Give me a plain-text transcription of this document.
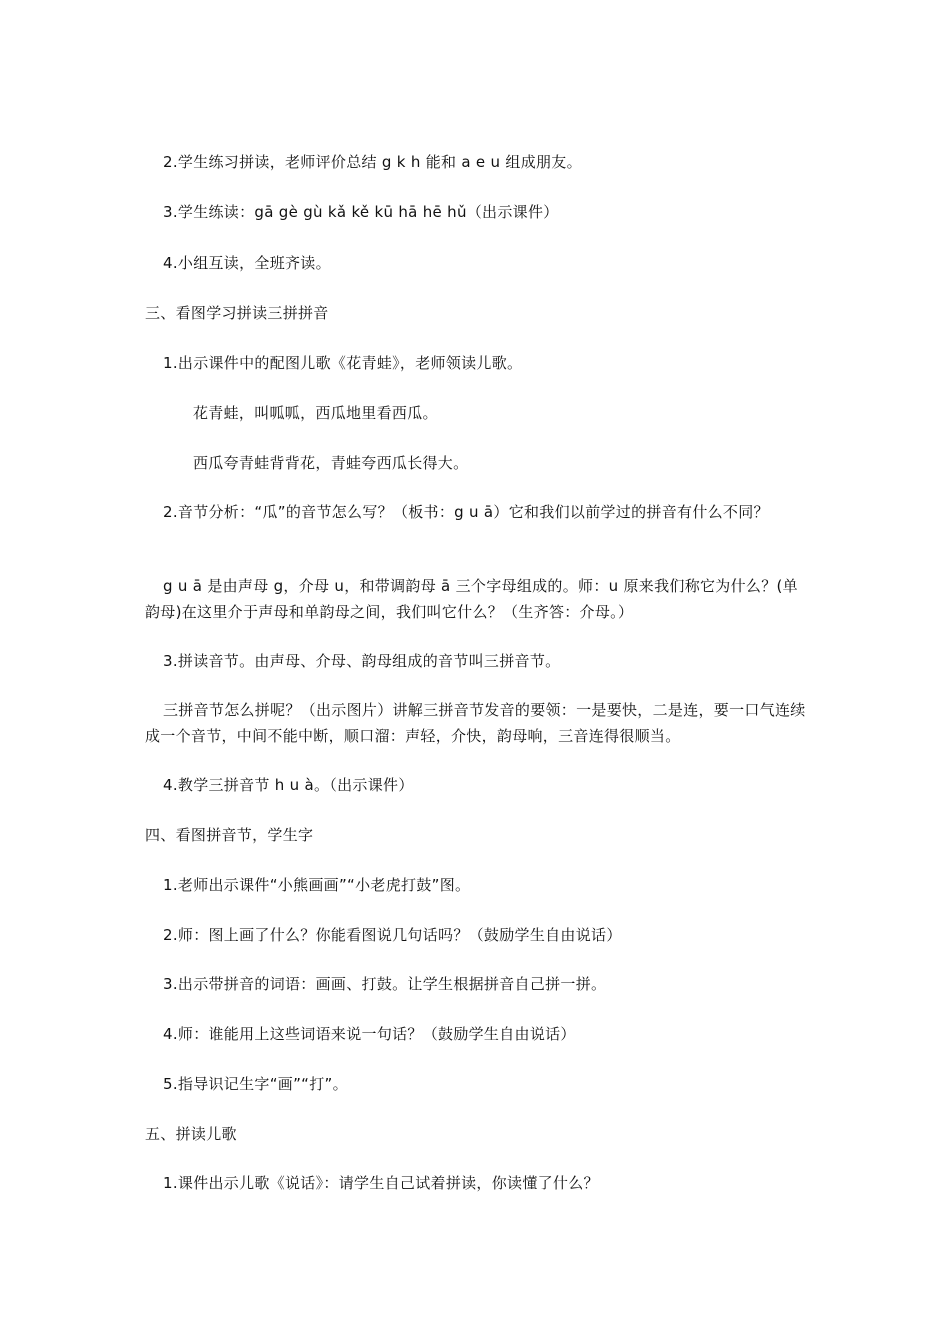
2.学生练习拼读，老师评价总结 g k h 能和 a e u 组成朋友。
3.学生练读：gā gè gù kǎ kě kū hā hē hǔ（出示课件）
4.小组互读，全班齐读。
三、看图学习拼读三拼拼音
1.出示课件中的配图儿歌《花青蛙》，老师领读儿歌。
花青蛙，叫呱呱，西瓜地里看西瓜。
西瓜夸青蛙背背花，青蛙夸西瓜长得大。
2.音节分析：“瓜”的音节怎么写？（板书：g u ā）它和我们以前学过的拼音有什么不同？
g u ā 是由声母 g，介母 u，和带调韵母 ā 三个字母组成的。师：u 原来我们称它为什么？(单韵母)在这里介于声母和单韵母之间，我们叫它什么？（生齐答：介母。）
3.拼读音节。由声母、介母、韵母组成的音节叫三拼音节。
三拼音节怎么拼呢？（出示图片）讲解三拼音节发音的要领：一是要快，二是连，要一口气连续成一个音节，中间不能中断，顺口溜：声轻，介快，韵母响，三音连得很顺当。
4.教学三拼音节 h u à。（出示课件）
四、看图拼音节，学生字
1.老师出示课件“小熊画画”“小老虎打鼓”图。
2.师：图上画了什么？你能看图说几句话吗？（鼓励学生自由说话）
3.出示带拼音的词语：画画、打鼓。让学生根据拼音自己拼一拼。
4.师：谁能用上这些词语来说一句话？（鼓励学生自由说话）
5.指导识记生字“画”“打”。
五、拼读儿歌
1.课件出示儿歌《说话》：请学生自己试着拼读，你读懂了什么？
